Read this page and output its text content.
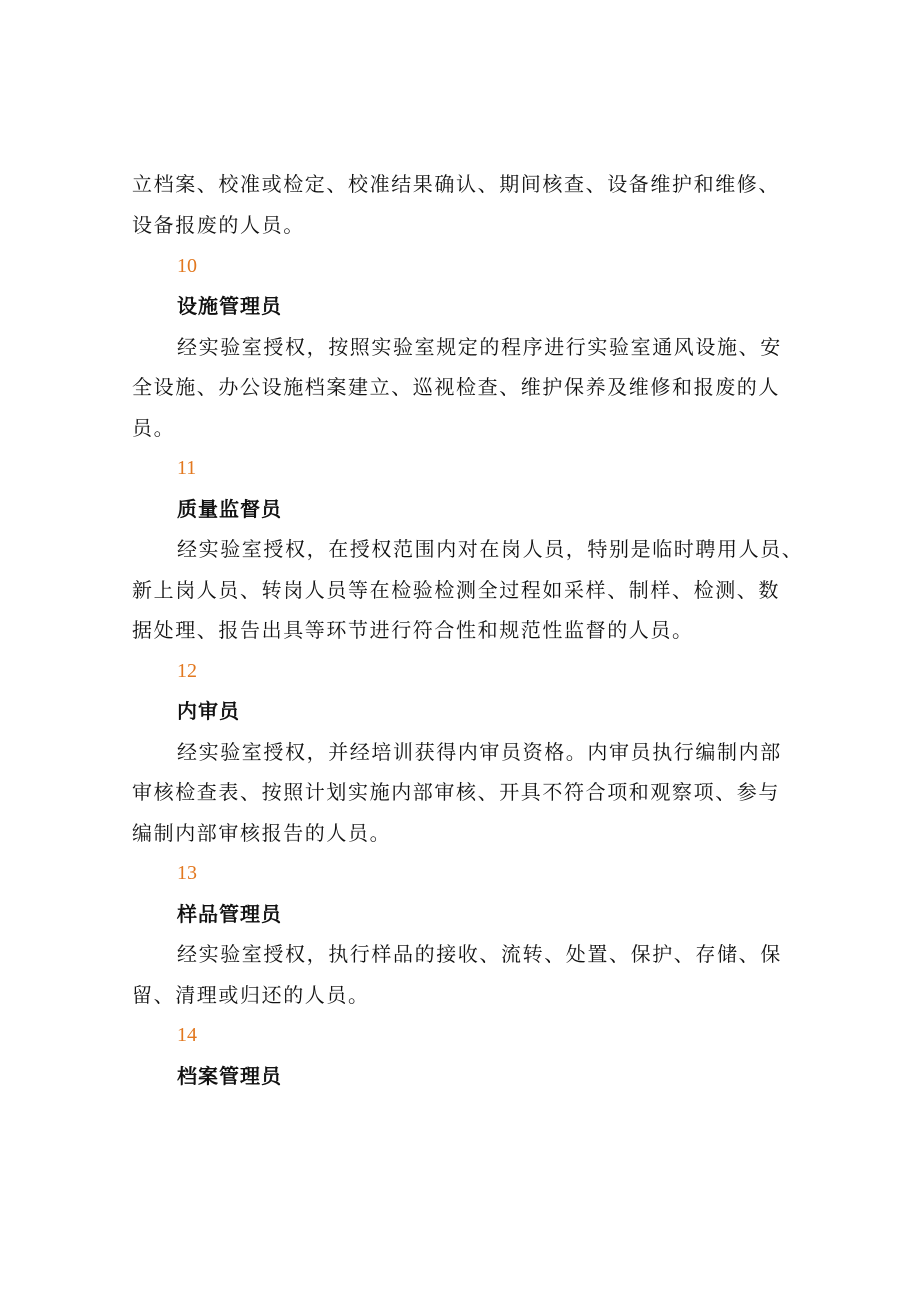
立档案、校准或检定、校准结果确认、期间核查、设备维护和维修、
设备报废的人员。
10
设施管理员
经实验室授权，按照实验室规定的程序进行实验室通风设施、安
全设施、办公设施档案建立、巡视检查、维护保养及维修和报废的人
员。
11
质量监督员
经实验室授权，在授权范围内对在岗人员，特别是临时聘用人员、
新上岗人员、转岗人员等在检验检测全过程如采样、制样、检测、数
据处理、报告出具等环节进行符合性和规范性监督的人员。
12
内审员
经实验室授权，并经培训获得内审员资格。内审员执行编制内部
审核检查表、按照计划实施内部审核、开具不符合项和观察项、参与
编制内部审核报告的人员。
13
样品管理员
经实验室授权，执行样品的接收、流转、处置、保护、存储、保
留、清理或归还的人员。
14
档案管理员
